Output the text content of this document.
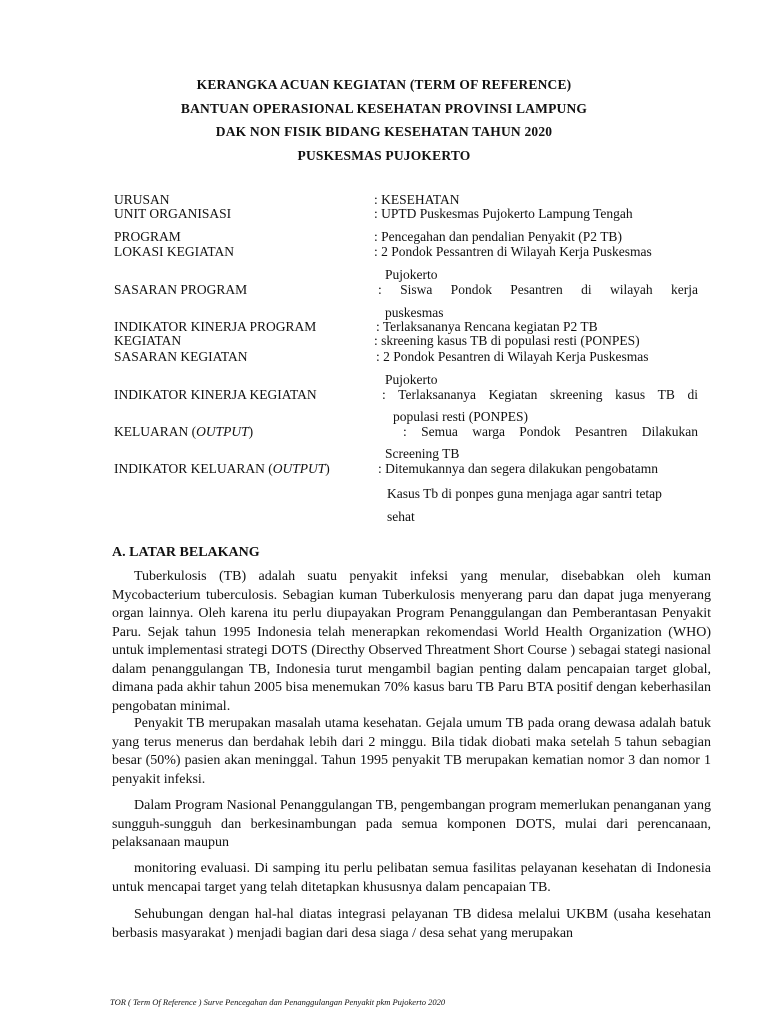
KERANGKA ACUAN KEGIATAN (TERM OF REFERENCE)
BANTUAN OPERASIONAL KESEHATAN PROVINSI LAMPUNG
DAK NON FISIK BIDANG KESEHATAN TAHUN 2020
PUSKESMAS PUJOKERTO
URUSAN	: KESEHATAN
UNIT ORGANISASI	: UPTD Puskesmas Pujokerto Lampung Tengah
PROGRAM	: Pencegahan dan pendalian Penyakit (P2 TB)
LOKASI KEGIATAN	: 2 Pondok Pessantren di Wilayah Kerja Puskesmas
Pujokerto
SASARAN PROGRAM	: Siswa Pondok Pesantren di wilayah kerja
puskesmas
INDIKATOR KINERJA PROGRAM	: Terlaksananya Rencana kegiatan P2 TB
KEGIATAN	: skreening kasus TB di populasi resti (PONPES)
SASARAN KEGIATAN	: 2 Pondok Pesantren di Wilayah Kerja Puskesmas
Pujokerto
INDIKATOR KINERJA KEGIATAN	: Terlaksananya Kegiatan skreening kasus TB di
populasi resti (PONPES)
KELUARAN (OUTPUT)	: Semua warga Pondok Pesantren Dilakukan
Screening TB
INDIKATOR KELUARAN (OUTPUT)	: Ditemukannya dan segera dilakukan pengobatamn
Kasus Tb di ponpes guna menjaga agar santri tetap
sehat
A. LATAR BELAKANG
Tuberkulosis (TB) adalah suatu penyakit infeksi yang menular, disebabkan oleh kuman Mycobacterium tuberculosis. Sebagian kuman Tuberkulosis menyerang paru dan dapat juga menyerang organ lainnya. Oleh karena itu perlu diupayakan Program Penanggulangan dan Pemberantasan Penyakit Paru. Sejak tahun 1995 Indonesia telah menerapkan rekomendasi World Health Organization (WHO) untuk implementasi strategi DOTS (Directhy Observed Threatment Short Course ) sebagai stategi nasional dalam penanggulangan TB, Indonesia turut mengambil bagian penting dalam pencapaian target global, dimana pada akhir tahun 2005 bisa menemukan 70% kasus baru TB Paru BTA positif dengan keberhasilan pengobatan minimal.
Penyakit TB merupakan masalah utama kesehatan. Gejala umum TB pada orang dewasa adalah batuk yang terus menerus dan berdahak lebih dari 2 minggu. Bila tidak diobati maka setelah 5 tahun sebagian besar (50%) pasien akan meninggal. Tahun 1995 penyakit TB merupakan kematian nomor 3 dan nomor 1 penyakit infeksi.
Dalam Program Nasional Penanggulangan TB, pengembangan program memerlukan penanganan yang sungguh-sungguh dan berkesinambungan pada semua komponen DOTS, mulai dari perencanaan, pelaksanaan maupun
monitoring evaluasi. Di samping itu perlu pelibatan semua fasilitas pelayanan kesehatan di Indonesia untuk mencapai target yang telah ditetapkan khususnya dalam pencapaian TB.
Sehubungan dengan hal-hal diatas integrasi pelayanan TB didesa melalui UKBM (usaha kesehatan berbasis masyarakat ) menjadi bagian dari desa siaga / desa sehat yang merupakan
TOR ( Term Of Reference ) Surve Pencegahan dan Penanggulangan Penyakit pkm Pujokerto 2020
